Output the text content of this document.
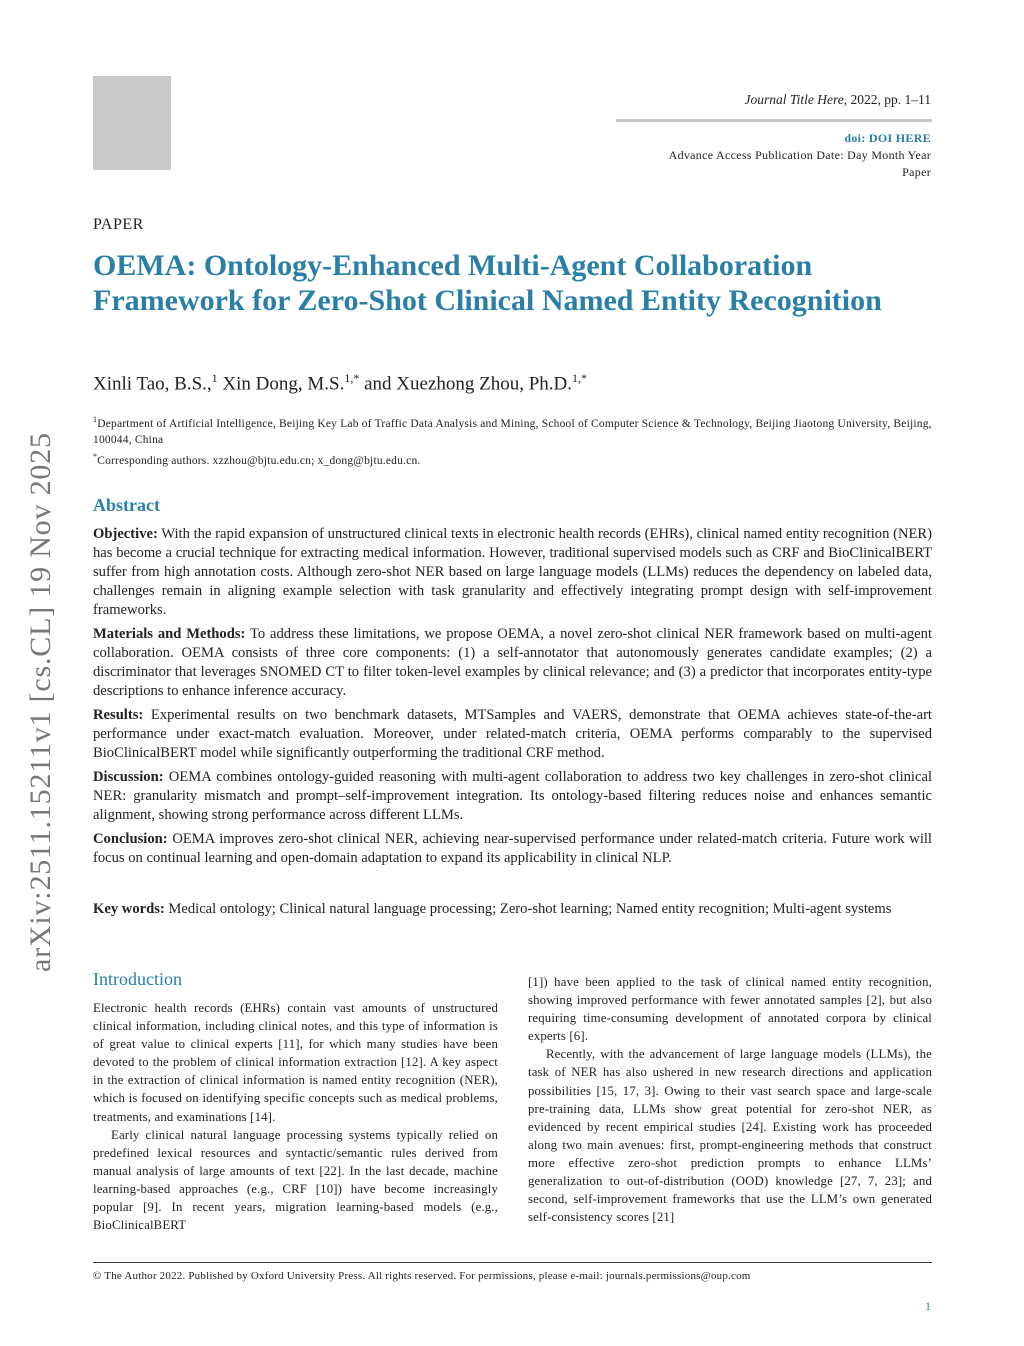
Journal Title Here, 2022, pp. 1–11
doi: DOI HERE
Advance Access Publication Date: Day Month Year
Paper
PAPER
OEMA: Ontology-Enhanced Multi-Agent Collaboration Framework for Zero-Shot Clinical Named Entity Recognition
Xinli Tao, B.S.,$^1$ Xin Dong, M.S.$^{1,*}$ and Xuezhong Zhou, Ph.D.$^{1,*}$
$^1$Department of Artificial Intelligence, Beijing Key Lab of Traffic Data Analysis and Mining, School of Computer Science & Technology, Beijing Jiaotong University, Beijing, 100044, China
*Corresponding authors. xzzhou@bjtu.edu.cn; x_dong@bjtu.edu.cn.
arXiv:2511.15211v1 [cs.CL] 19 Nov 2025 Abstract

Objective: With the rapid expansion of unstructured clinical texts in electronic health records (EHRs), clinical named entity recognition (NER) has become a crucial technique for extracting medical information. However, traditional supervised models such as CRF and BioClinicalBERT suffer from high annotation costs. Although zero-shot NER based on large language models (LLMs) reduces the dependency on labeled data, challenges remain in aligning example selection with task granularity and effectively integrating prompt design with self-improvement frameworks.

Materials and Methods: To address these limitations, we propose OEMA, a novel zero-shot clinical NER framework based on multi-agent collaboration. OEMA consists of three core components: (1) a self-annotator that autonomously generates candidate examples; (2) a discriminator that leverages SNOMED CT to filter token-level examples by clinical relevance; and (3) a predictor that incorporates entity-type descriptions to enhance inference accuracy.

Results: Experimental results on two benchmark datasets, MTSamples and VAERS, demonstrate that OEMA achieves state-of-the-art performance under exact-match evaluation. Moreover, under related-match criteria, OEMA performs comparably to the supervised BioClinicalBERT model while significantly outperforming the traditional CRF method.

Discussion: OEMA combines ontology-guided reasoning with multi-agent collaboration to address two key challenges in zero-shot clinical NER: granularity mismatch and prompt–self-improvement integration. Its ontology-based filtering reduces noise and enhances semantic alignment, showing strong performance across different LLMs.

Conclusion: OEMA improves zero-shot clinical NER, achieving near-supervised performance under related-match criteria. Future work will focus on continual learning and open-domain adaptation to expand its applicability in clinical NLP.

Key words: Medical ontology; Clinical natural language processing; Zero-shot learning; Named entity recognition; Multi-agent systems
Introduction

Electronic health records (EHRs) contain vast amounts of unstructured clinical information, including clinical notes, and this type of information is of great value to clinical experts [11], for which many studies have been devoted to the problem of clinical information extraction [12]. A key aspect in the extraction of clinical information is named entity recognition (NER), which is focused on identifying specific concepts such as medical problems, treatments, and examinations [14].

Early clinical natural language processing systems typically relied on predefined lexical resources and syntactic/semantic rules derived from manual analysis of large amounts of text [22]. In the last decade, machine learning-based approaches (e.g., CRF [10]) have become increasingly popular [9]. In recent years, migration learning-based models (e.g., BioClinicalBERT

[1]) have been applied to the task of clinical named entity recognition, showing improved performance with fewer annotated samples [2], but also requiring time-consuming development of annotated corpora by clinical experts [6].

Recently, with the advancement of large language models (LLMs), the task of NER has also ushered in new research directions and application possibilities [15, 17, 3]. Owing to their vast search space and large-scale pre-training data, LLMs show great potential for zero-shot NER, as evidenced by recent empirical studies [24]. Existing work has proceeded along two main avenues: first, prompt-engineering methods that construct more effective zero-shot prediction prompts to enhance LLMs’ generalization to out-of-distribution (OOD) knowledge [27, 7, 23]; and second, self-improvement frameworks that use the LLM’s own generated self-consistency scores [21]

© The Author 2022. Published by Oxford University Press. All rights reserved. For permissions, please e-mail: journals.permissions@oup.com
1
